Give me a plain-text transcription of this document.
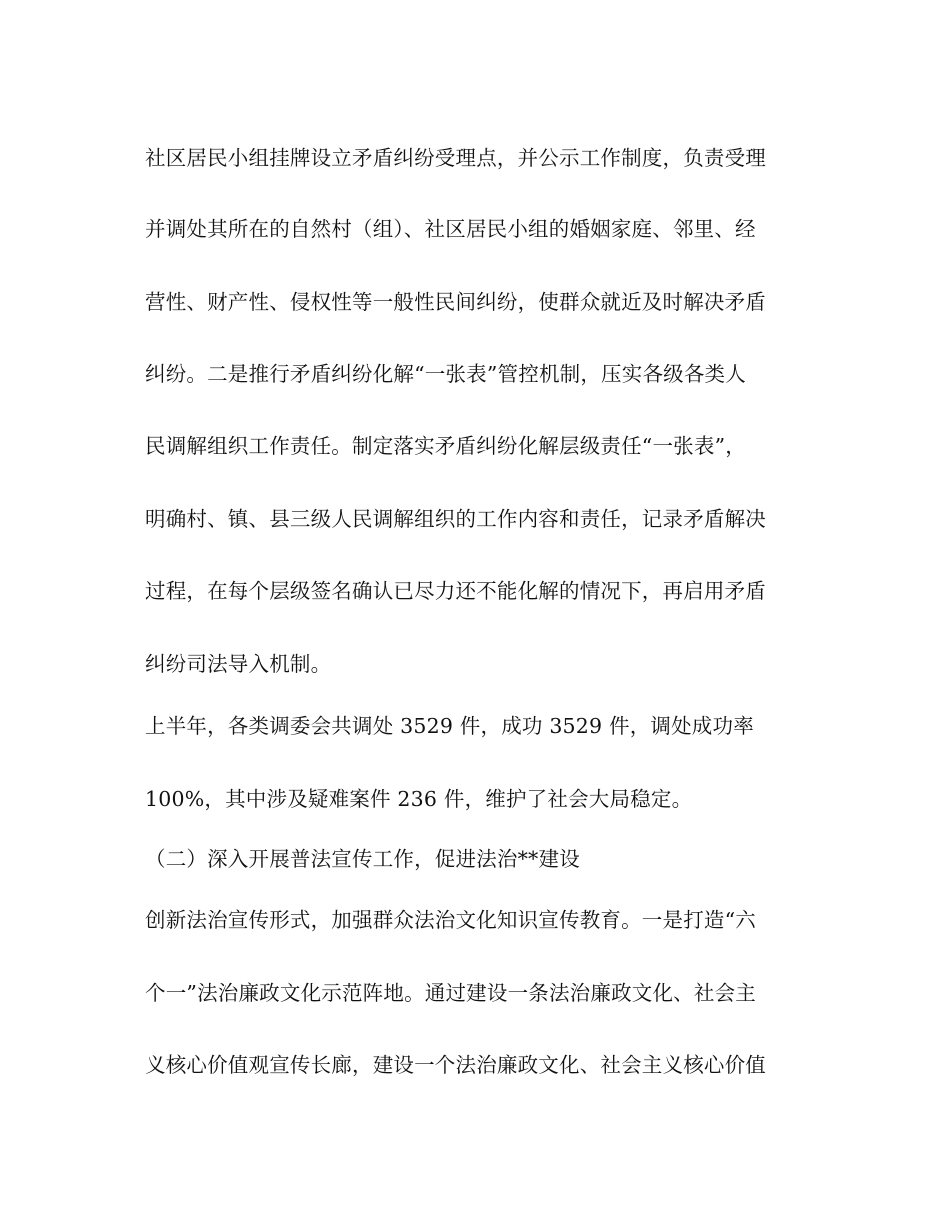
社区居民小组挂牌设立矛盾纠纷受理点，并公示工作制度，负责受理
并调处其所在的自然村（组）、社区居民小组的婚姻家庭、邻里、经
营性、财产性、侵权性等一般性民间纠纷，使群众就近及时解决矛盾
纠纷。二是推行矛盾纠纷化解“一张表”管控机制，压实各级各类人
民调解组织工作责任。制定落实矛盾纠纷化解层级责任“一张表”，
明确村、镇、县三级人民调解组织的工作内容和责任，记录矛盾解决
过程，在每个层级签名确认已尽力还不能化解的情况下，再启用矛盾
纠纷司法导入机制。
上半年，各类调委会共调处 3529 件，成功 3529 件，调处成功率
100%，其中涉及疑难案件 236 件，维护了社会大局稳定。
（二）深入开展普法宣传工作，促进法治**建设
创新法治宣传形式，加强群众法治文化知识宣传教育。一是打造“六
个一”法治廉政文化示范阵地。通过建设一条法治廉政文化、社会主
义核心价值观宣传长廊，建设一个法治廉政文化、社会主义核心价值
